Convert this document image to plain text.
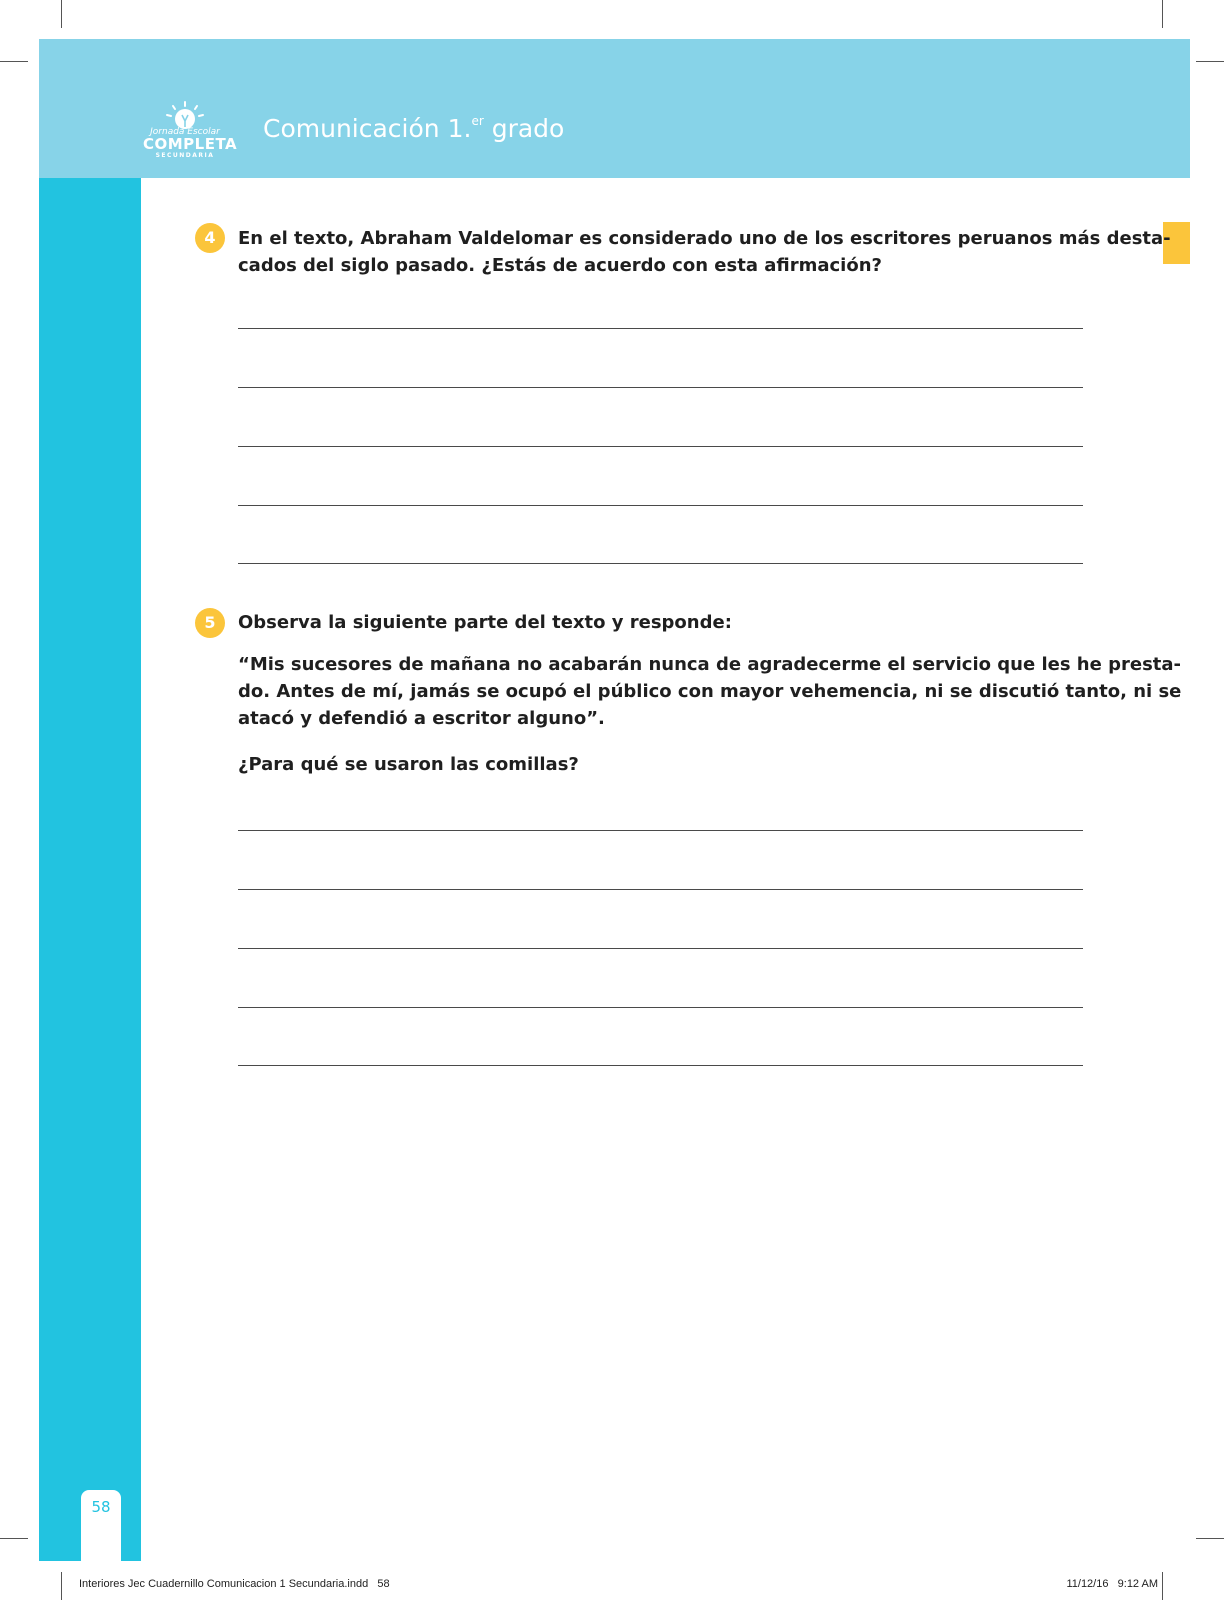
Jornada Escolar
COMPLETA
SECUNDARIA
Comunicación 1.$^{er}$ grado
58
4	En el texto, Abraham Valdelomar es considerado uno de los escritores peruanos más desta-
cados del siglo pasado. ¿Estás de acuerdo con esta afirmación?
5	Observa la siguiente parte del texto y responde:
“Mis sucesores de mañana no acabarán nunca de agradecerme el servicio que les he presta-
do. Antes de mí, jamás se ocupó el público con mayor vehemencia, ni se discutió tanto, ni se
atacó y defendió a escritor alguno”.
¿Para qué se usaron las comillas?
Interiores Jec Cuadernillo Comunicacion 1 Secundaria.indd   58	11/12/16   9:12 AM
